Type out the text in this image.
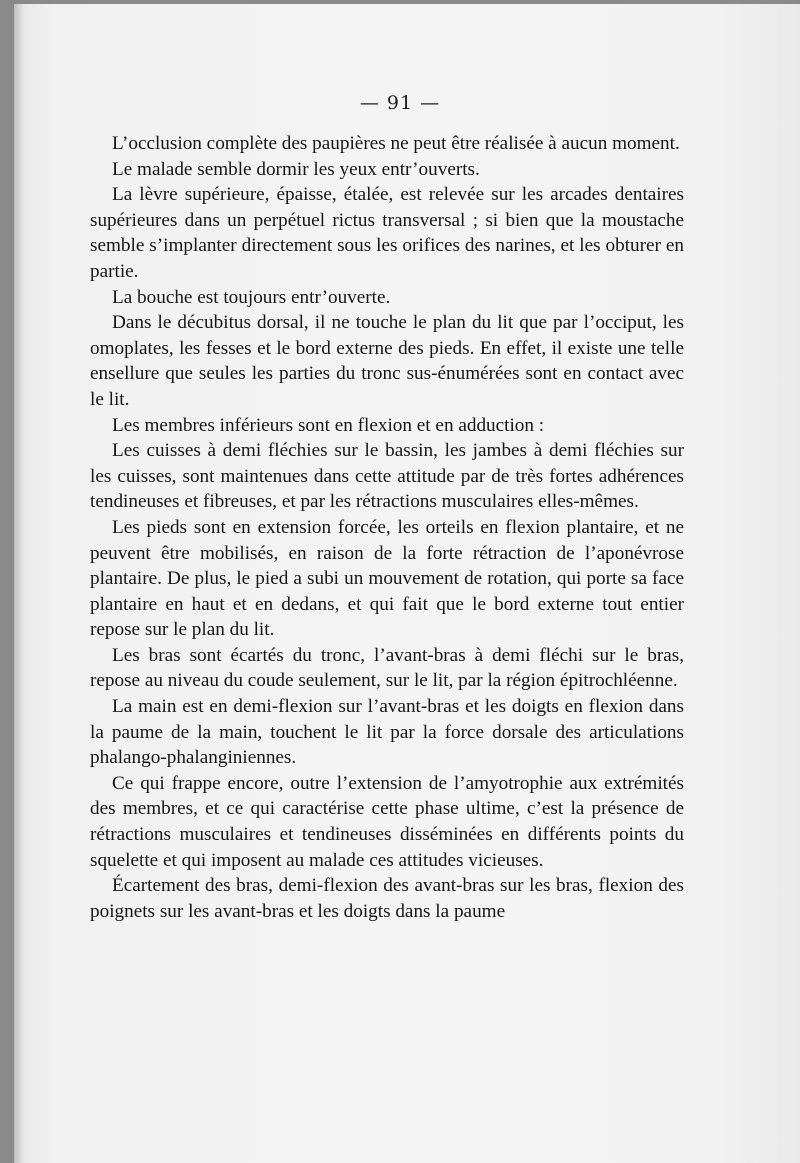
— 91 —

L’occlusion complète des paupières ne peut être réalisée à aucun moment.

Le malade semble dormir les yeux entr’ouverts.

La lèvre supérieure, épaisse, étalée, est relevée sur les arcades dentaires supérieures dans un perpétuel rictus transversal ; si bien que la moustache semble s’implanter directement sous les orifices des narines, et les obturer en partie.

La bouche est toujours entr’ouverte.

Dans le décubitus dorsal, il ne touche le plan du lit que par l’occiput, les omoplates, les fesses et le bord externe des pieds. En effet, il existe une telle ensellure que seules les parties du tronc sus-énumérées sont en contact avec le lit.

Les membres inférieurs sont en flexion et en adduction :

Les cuisses à demi fléchies sur le bassin, les jambes à demi fléchies sur les cuisses, sont maintenues dans cette attitude par de très fortes adhérences tendineuses et fibreuses, et par les rétractions musculaires elles-mêmes.

Les pieds sont en extension forcée, les orteils en flexion plantaire, et ne peuvent être mobilisés, en raison de la forte rétraction de l’aponévrose plantaire. De plus, le pied a subi un mouvement de rotation, qui porte sa face plantaire en haut et en dedans, et qui fait que le bord externe tout entier repose sur le plan du lit.

Les bras sont écartés du tronc, l’avant-bras à demi fléchi sur le bras, repose au niveau du coude seulement, sur le lit, par la région épitrochléenne.

La main est en demi-flexion sur l’avant-bras et les doigts en flexion dans la paume de la main, touchent le lit par la force dorsale des articulations phalango-phalanginiennes.

Ce qui frappe encore, outre l’extension de l’amyotrophie aux extrémités des membres, et ce qui caractérise cette phase ultime, c’est la présence de rétractions musculaires et tendineuses disséminées en différents points du squelette et qui imposent au malade ces attitudes vicieuses.

Écartement des bras, demi-flexion des avant-bras sur les bras, flexion des poignets sur les avant-bras et les doigts dans la paume
